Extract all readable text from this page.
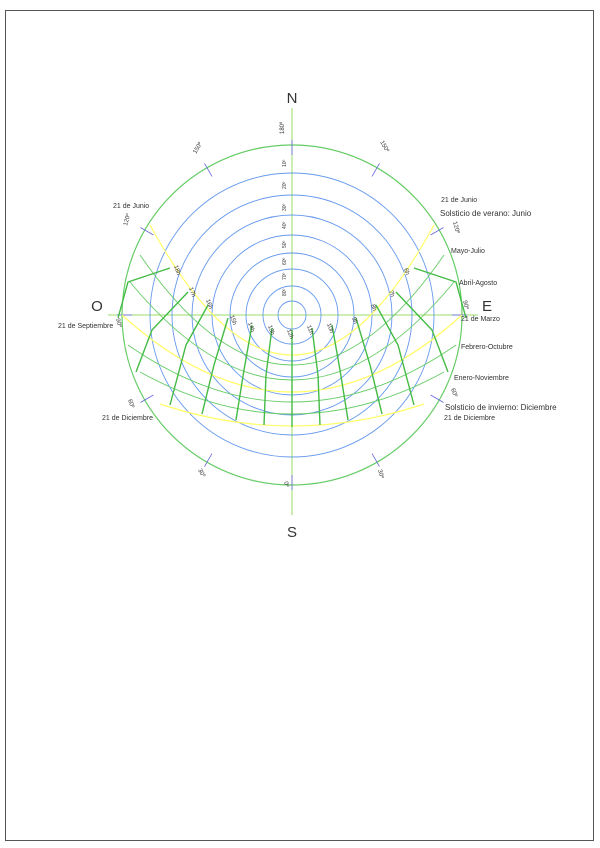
N
S
E
O
180º
150º	150º
120º
120º
90º
90º
60º
60º
30º	30º
0º
10º
20º
30º
40º
50º
60º
70º
80º
6h
7h
8h
9h
10h
11h
12h
13h
14h
15h
16h
17h
18h
21 de Junio
Solsticio de verano: Junio
Mayo-Julio
Abril-Agosto
21 de Marzo
Febrero-Octubre
Enero-Noviembre
Solsticio de invierno: Diciembre
21 de Diciembre
21 de Junio
21 de Septiembre
21 de Diciembre
